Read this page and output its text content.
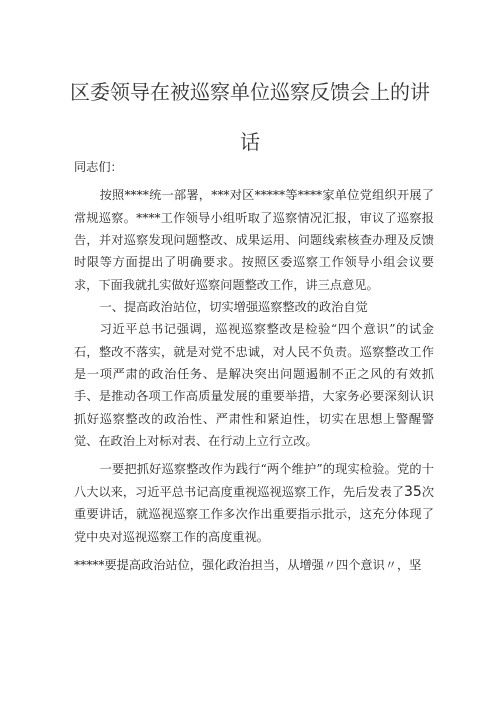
区委领导在被巡察单位巡察反馈会上的讲
话

同志们：

按照****统一部署，***对区*****等****家单位党组织开展了常规巡察。****工作领导小组听取了巡察情况汇报，审议了巡察报告，并对巡察发现问题整改、成果运用、问题线索核查办理及反馈时限等方面提出了明确要求。按照区委巡察工作领导小组会议要求，下面我就扎实做好巡察问题整改工作，讲三点意见。

一、提高政治站位，切实增强巡察整改的政治自觉

习近平总书记强调，巡视巡察整改是检验“四个意识”的试金石，整改不落实，就是对党不忠诚，对人民不负责。巡察整改工作是一项严肃的政治任务、是解决突出问题遏制不正之风的有效抓手、是推动各项工作高质量发展的重要举措，大家务必要深刻认识抓好巡察整改的政治性、严肃性和紧迫性，切实在思想上警醒警觉、在政治上对标对表、在行动上立行立改。

一要把抓好巡察整改作为践行“两个维护”的现实检验。党的十八大以来，习近平总书记高度重视巡视巡察工作，先后发表了35次重要讲话，就巡视巡察工作多次作出重要指示批示，这充分体现了党中央对巡视巡察工作的高度重视。

*****要提高政治站位，强化政治担当，从增强〃四个意识〃，坚
